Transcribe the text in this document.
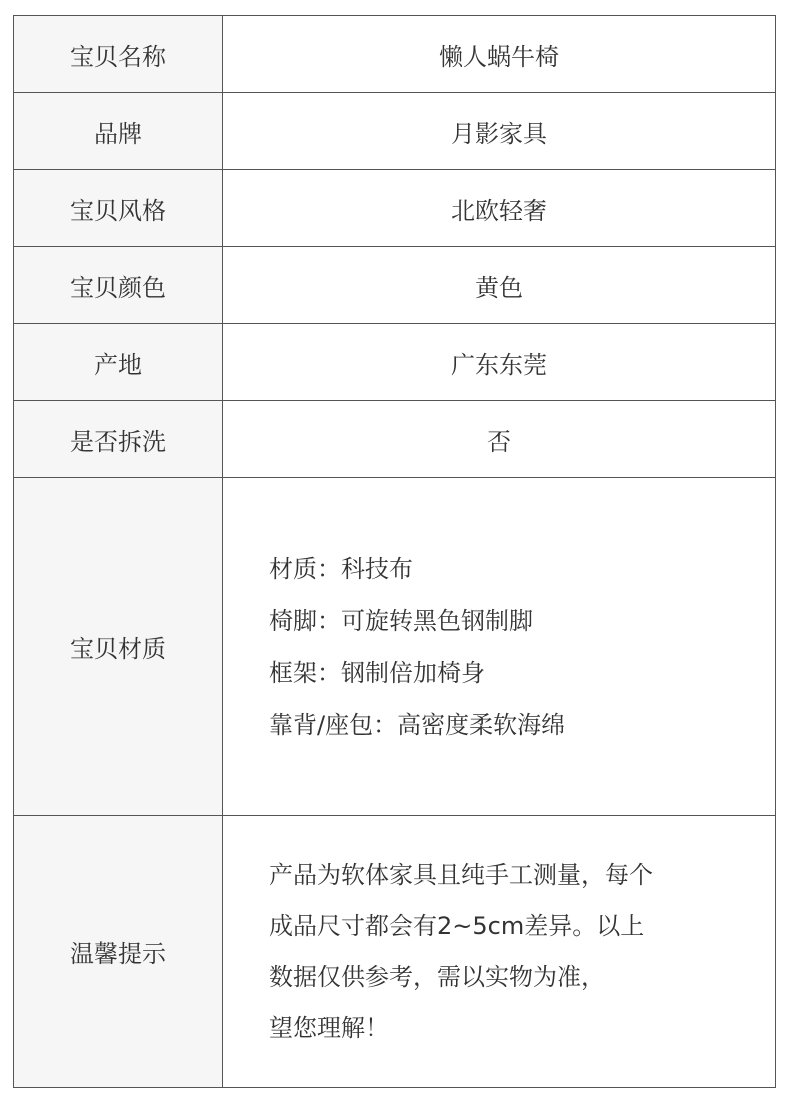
宝贝名称	懒人蜗牛椅
品牌	月影家具
宝贝风格	北欧轻奢
宝贝颜色	黄色
产地	广东东莞
是否拆洗	否
宝贝材质	材质：科技布
椅脚：可旋转黑色钢制脚
框架：钢制倍加椅身
靠背/座包：高密度柔软海绵

温馨提示	产品为软体家具且纯手工测量，每个
成品尺寸都会有2~5cm差异。以上
数据仅供参考，需以实物为准，
望您理解！
